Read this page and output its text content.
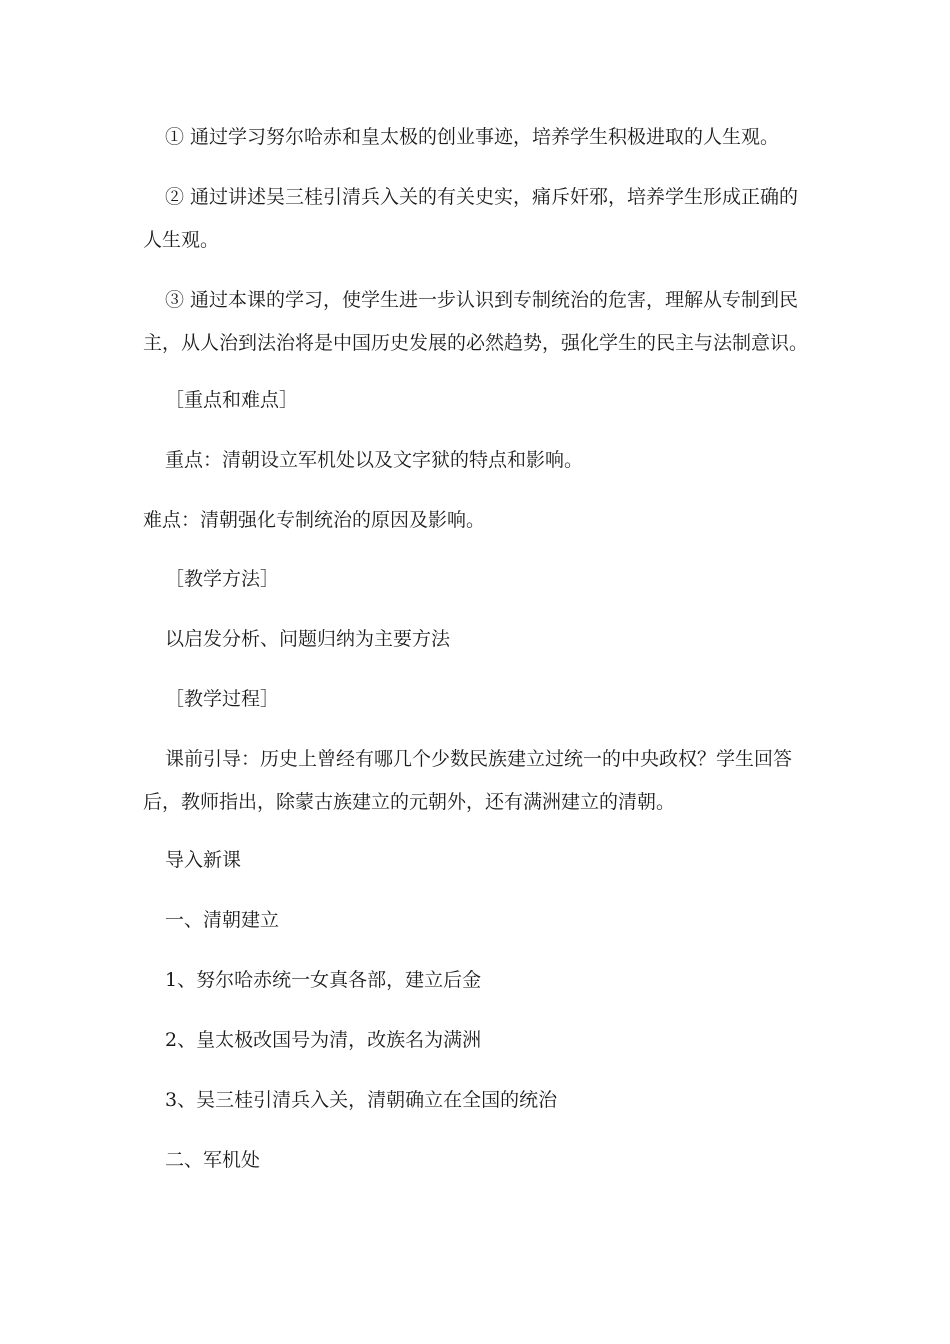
① 通过学习努尔哈赤和皇太极的创业事迹，培养学生积极进取的人生观。

② 通过讲述吴三桂引清兵入关的有关史实，痛斥奸邪，培养学生形成正确的人生观。

③ 通过本课的学习，使学生进一步认识到专制统治的危害，理解从专制到民主，从人治到法治将是中国历史发展的必然趋势，强化学生的民主与法制意识。

［重点和难点］

重点：清朝设立军机处以及文字狱的特点和影响。

难点：清朝强化专制统治的原因及影响。

［教学方法］

以启发分析、问题归纳为主要方法

［教学过程］

课前引导：历史上曾经有哪几个少数民族建立过统一的中央政权？学生回答后，教师指出，除蒙古族建立的元朝外，还有满洲建立的清朝。

导入新课

一、清朝建立

1、努尔哈赤统一女真各部，建立后金

2、皇太极改国号为清，改族名为满洲

3、吴三桂引清兵入关，清朝确立在全国的统治

二、军机处
